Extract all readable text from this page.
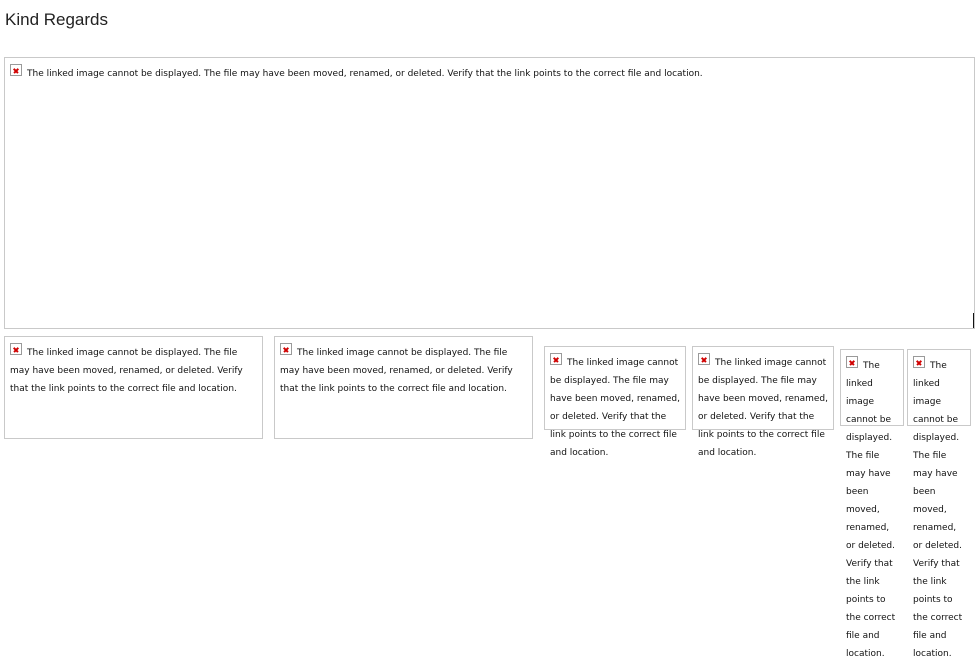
Kind Regards
The linked image cannot be displayed. The file may have been moved, renamed, or deleted. Verify that the link points to the correct file and location.
The linked image cannot be displayed. The file may have been moved, renamed, or deleted. Verify that the link points to the correct file and location.
The linked image cannot be displayed. The file may have been moved, renamed, or deleted. Verify that the link points to the correct file and location.
The linked image cannot be displayed. The file may have been moved, renamed, or deleted. Verify that the link points to the correct file and location.
The linked image cannot be displayed. The file may have been moved, renamed, or deleted. Verify that the link points to the correct file and location.
The linked image cannot be displayed. The file may have been moved, renamed, or deleted. Verify that the link points to the correct file and location.
The linked image cannot be displayed. The file may have been moved, renamed, or deleted. Verify that the link points to the correct file and location.
